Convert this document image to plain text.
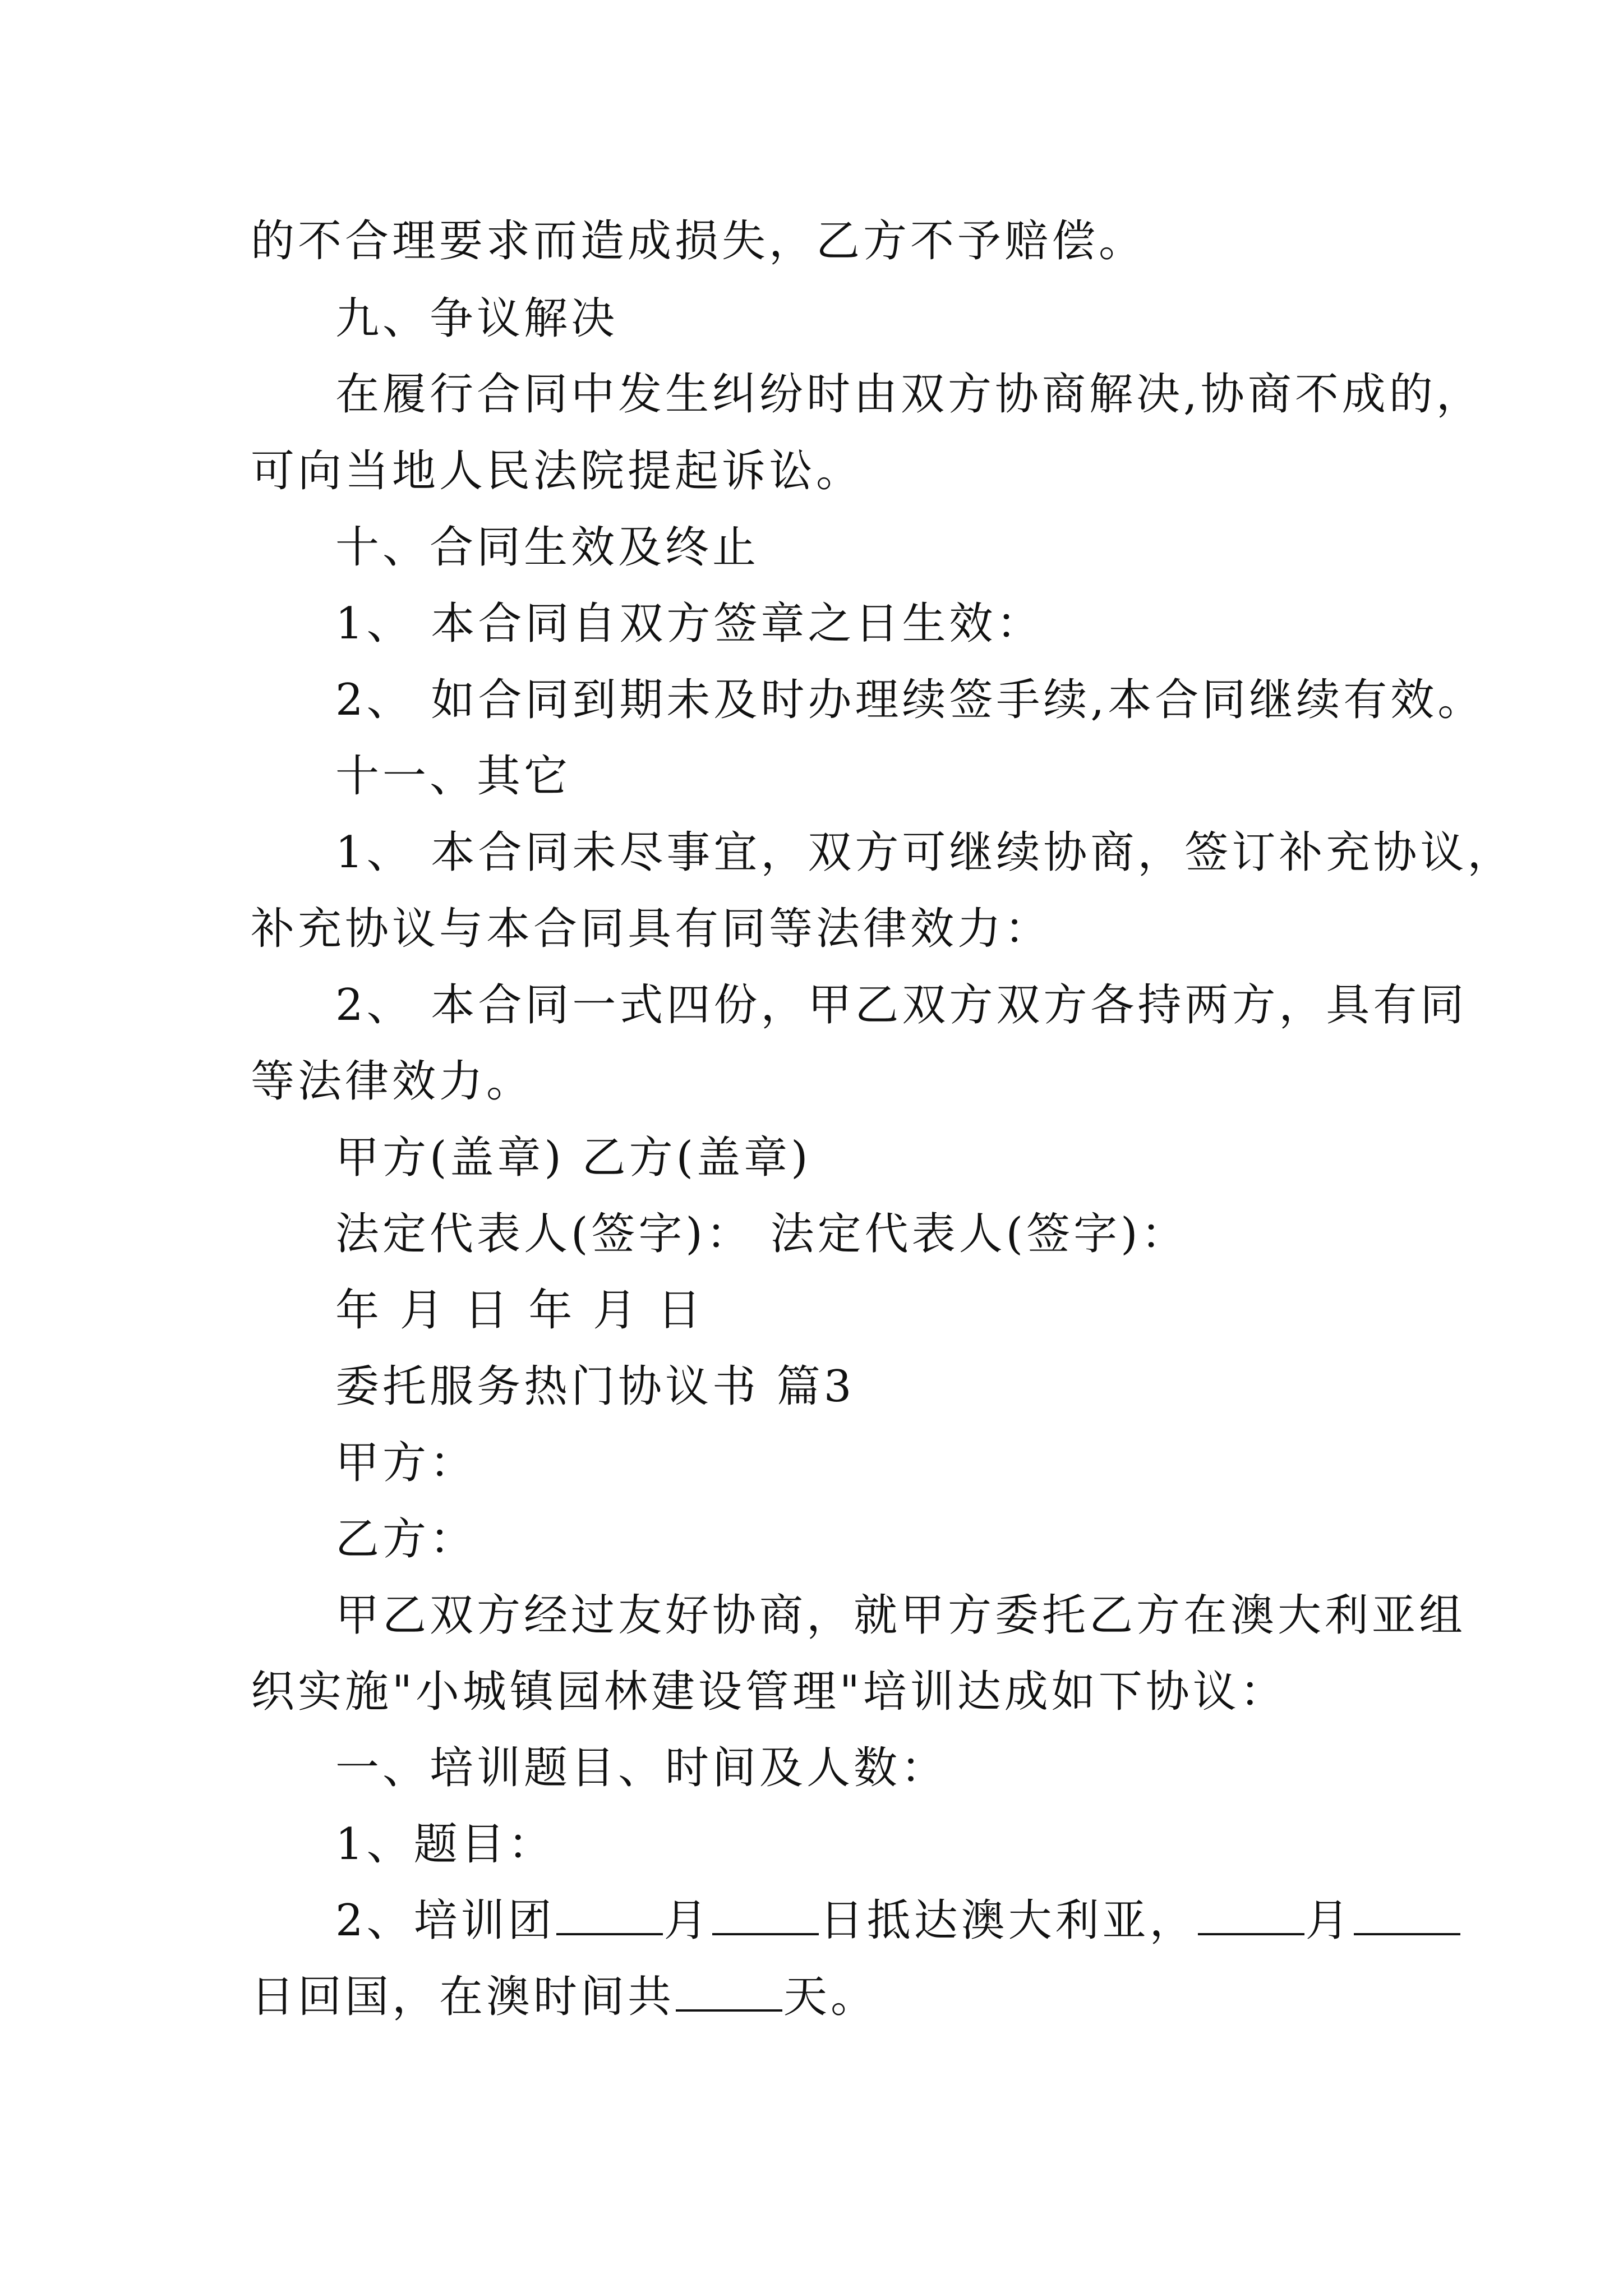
的不合理要求而造成损失，乙方不予赔偿。
九、争议解决
在履行合同中发生纠纷时由双方协商解决,协商不成的，
可向当地人民法院提起诉讼。
十、合同生效及终止
1、 本合同自双方签章之日生效：
2、 如合同到期未及时办理续签手续,本合同继续有效。
十一、其它
1、 本合同未尽事宜，双方可继续协商，签订补充协议，
补充协议与本合同具有同等法律效力：
2、 本合同一式四份，甲乙双方双方各持两方，具有同
等法律效力。
甲方(盖章) 乙方(盖章)
法定代表人(签字)： 法定代表人(签字)：
年 月 日 年 月 日
委托服务热门协议书 篇3
甲方：
乙方：
甲乙双方经过友好协商，就甲方委托乙方在澳大利亚组
织实施"小城镇园林建设管理"培训达成如下协议：
一、培训题目、时间及人数：
1、题目：
2、培训团 月 日抵达澳大利亚， 月
日回国，在澳时间共 天。
